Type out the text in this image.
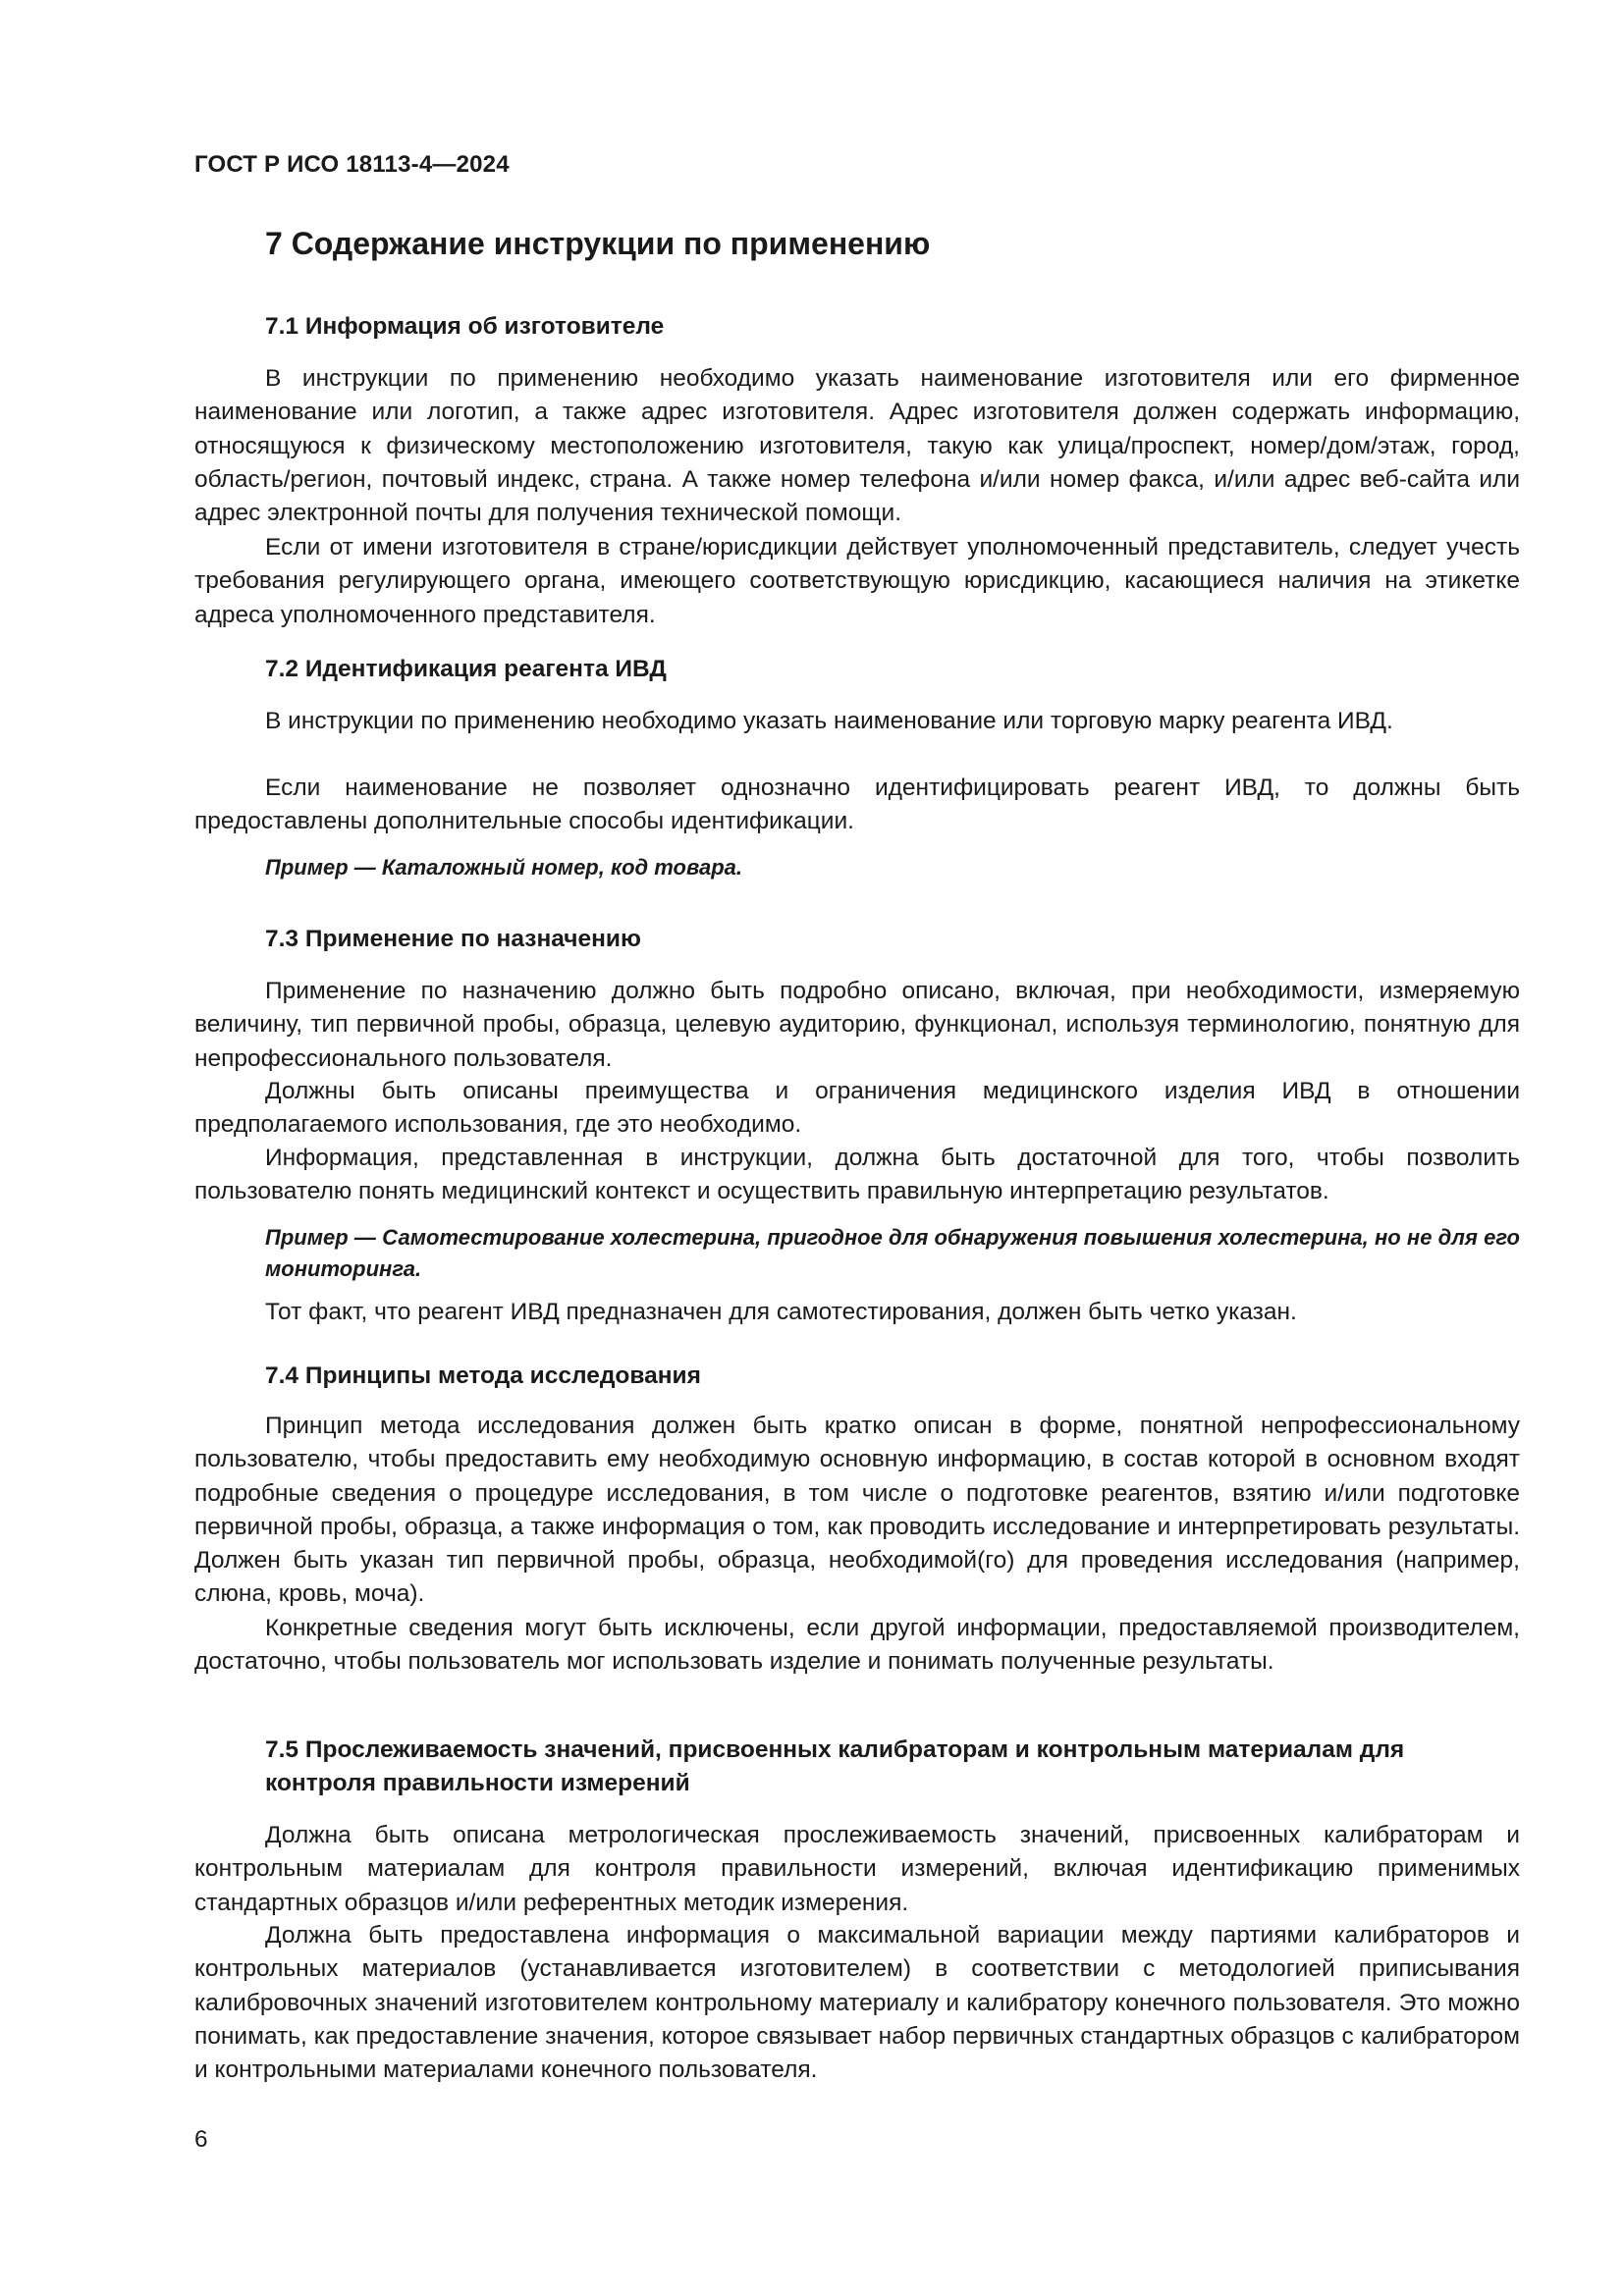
ГОСТ Р ИСО 18113-4—2024
7 Содержание инструкции по применению
7.1 Информация об изготовителе
В инструкции по применению необходимо указать наименование изготовителя или его фирменное наименование или логотип, а также адрес изготовителя. Адрес изготовителя должен содержать информацию, относящуюся к физическому местоположению изготовителя, такую как улица/проспект, номер/дом/этаж, город, область/регион, почтовый индекс, страна. А также номер телефона и/или номер факса, и/или адрес веб-сайта или адрес электронной почты для получения технической помощи.
Если от имени изготовителя в стране/юрисдикции действует уполномоченный представитель, следует учесть требования регулирующего органа, имеющего соответствующую юрисдикцию, касающиеся наличия на этикетке адреса уполномоченного представителя.
7.2 Идентификация реагента ИВД
В инструкции по применению необходимо указать наименование или торговую марку реагента ИВД.
Если наименование не позволяет однозначно идентифицировать реагент ИВД, то должны быть предоставлены дополнительные способы идентификации.
Пример — Каталожный номер, код товара.
7.3 Применение по назначению
Применение по назначению должно быть подробно описано, включая, при необходимости, измеряемую величину, тип первичной пробы, образца, целевую аудиторию, функционал, используя терминологию, понятную для непрофессионального пользователя.
Должны быть описаны преимущества и ограничения медицинского изделия ИВД в отношении предполагаемого использования, где это необходимо.
Информация, представленная в инструкции, должна быть достаточной для того, чтобы позволить пользователю понять медицинский контекст и осуществить правильную интерпретацию результатов.
Пример — Самотестирование холестерина, пригодное для обнаружения повышения холестерина, но не для его мониторинга.
Тот факт, что реагент ИВД предназначен для самотестирования, должен быть четко указан.
7.4 Принципы метода исследования
Принцип метода исследования должен быть кратко описан в форме, понятной непрофессиональному пользователю, чтобы предоставить ему необходимую основную информацию, в состав которой в основном входят подробные сведения о процедуре исследования, в том числе о подготовке реагентов, взятию и/или подготовке первичной пробы, образца, а также информация о том, как проводить исследование и интерпретировать результаты. Должен быть указан тип первичной пробы, образца, необходимой(го) для проведения исследования (например, слюна, кровь, моча).
Конкретные сведения могут быть исключены, если другой информации, предоставляемой производителем, достаточно, чтобы пользователь мог использовать изделие и понимать полученные результаты.
7.5 Прослеживаемость значений, присвоенных калибраторам и контрольным материалам для контроля правильности измерений
Должна быть описана метрологическая прослеживаемость значений, присвоенных калибраторам и контрольным материалам для контроля правильности измерений, включая идентификацию применимых стандартных образцов и/или референтных методик измерения.
Должна быть предоставлена информация о максимальной вариации между партиями калибраторов и контрольных материалов (устанавливается изготовителем) в соответствии с методологией приписывания калибровочных значений изготовителем контрольному материалу и калибратору конечного пользователя. Это можно понимать, как предоставление значения, которое связывает набор первичных стандартных образцов с калибратором и контрольными материалами конечного пользователя.
6
